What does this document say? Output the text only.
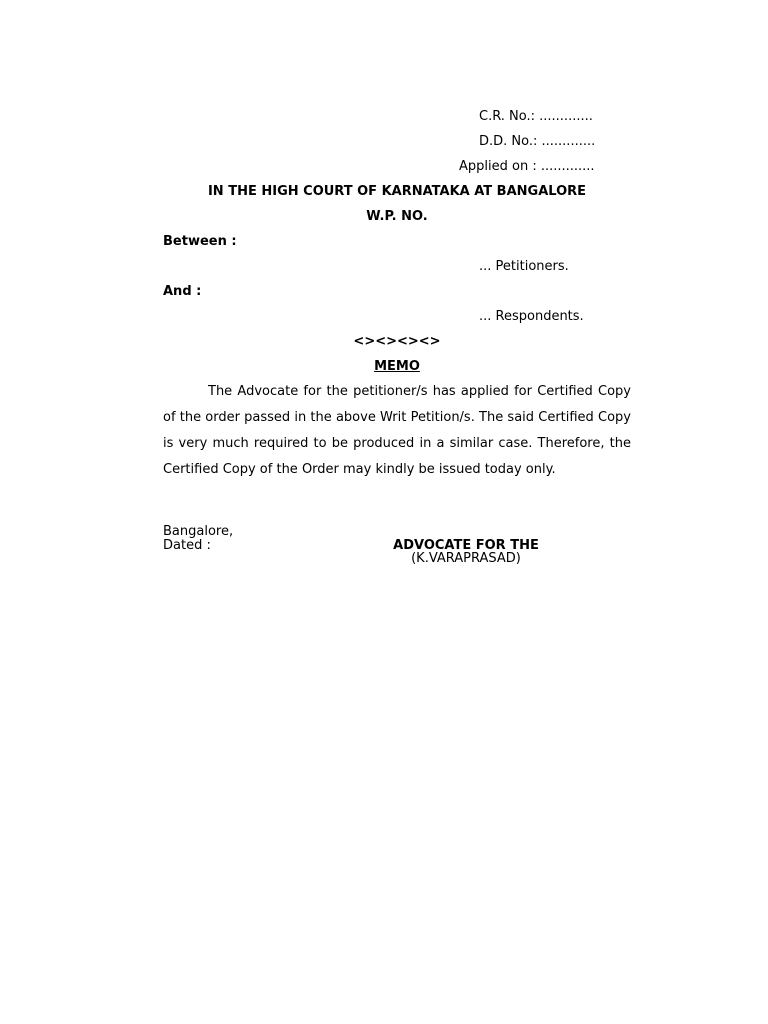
C.R. No.: .............
D.D. No.: .............
Applied on : .............
IN THE HIGH COURT OF KARNATAKA AT BANGALORE
W.P. NO.
Between :
... Petitioners.
And :
... Respondents.
<><><><>
MEMO

The Advocate for the petitioner/s has applied for Certified Copy of the order passed in the above Writ Petition/s. The said Certified Copy is very much required to be produced in a similar case. Therefore, the Certified Copy of the Order may kindly be issued today only.

Bangalore,
Dated :	ADVOCATE FOR THE
(K.VARAPRASAD)
